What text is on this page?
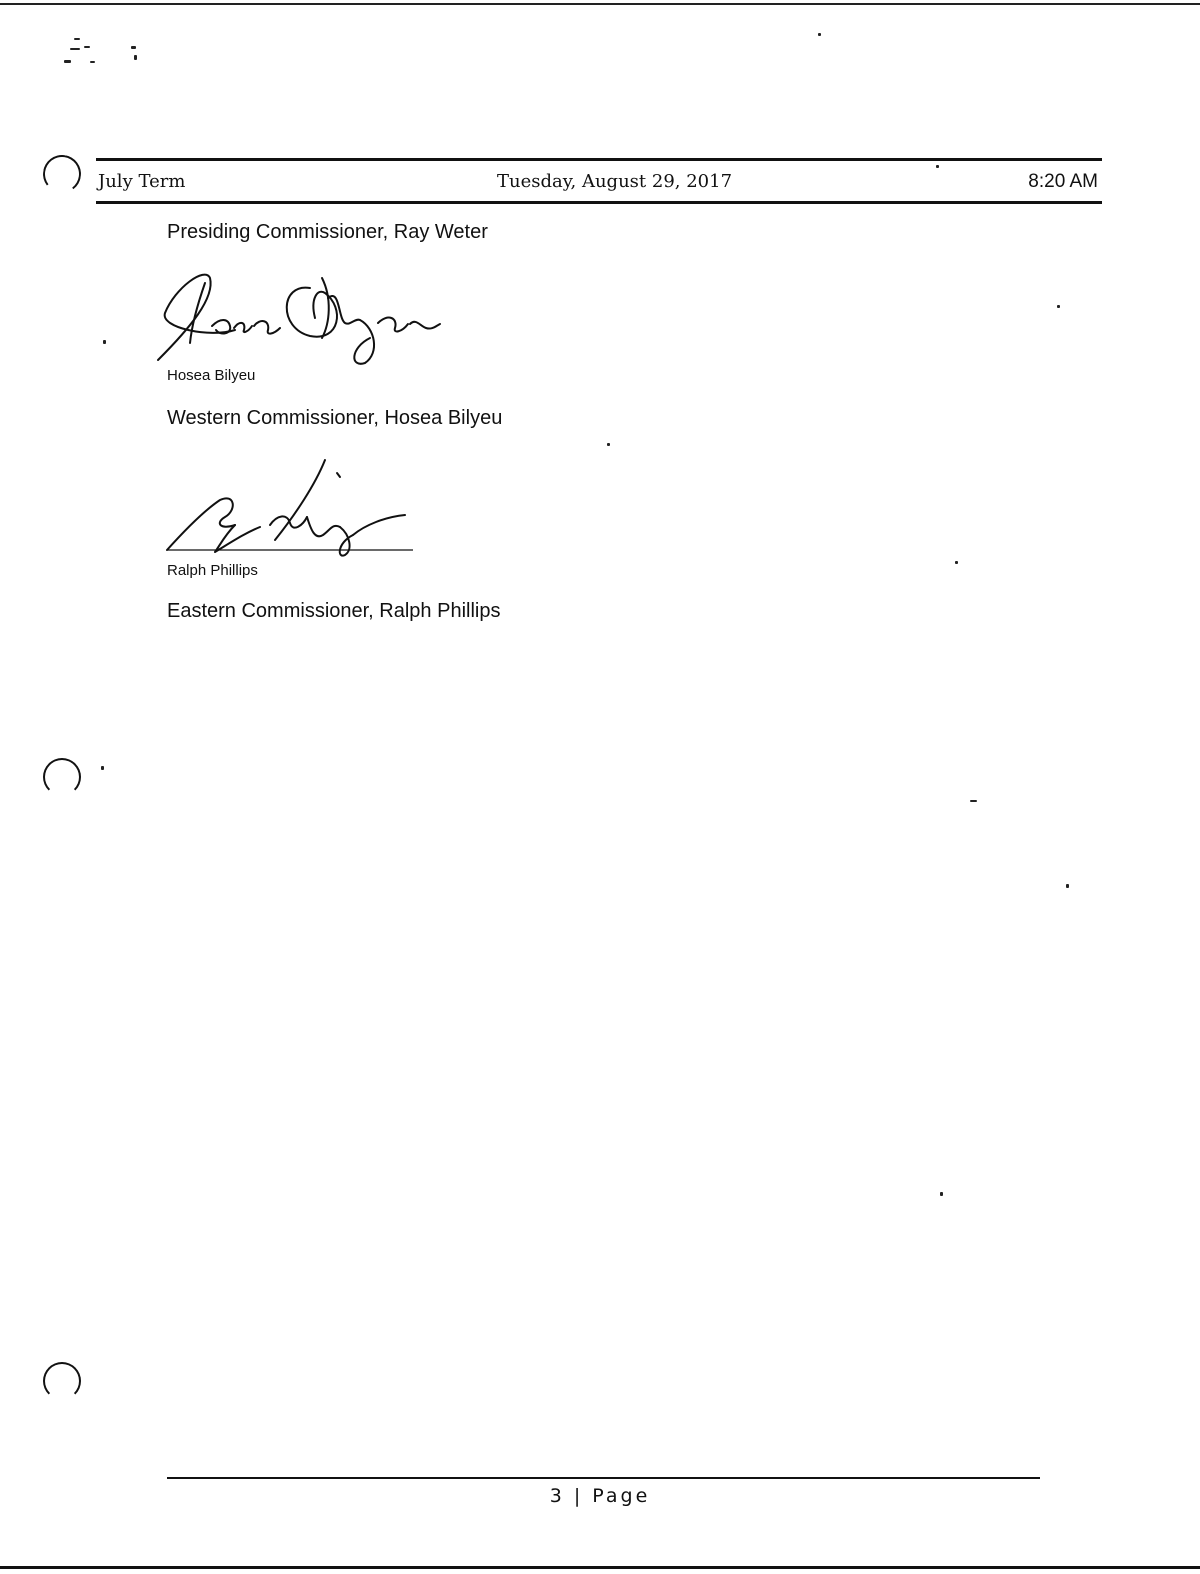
July Term	Tuesday, August 29, 2017	8:20 AM
Presiding Commissioner, Ray Weter
Hosea Bilyeu
Western Commissioner, Hosea Bilyeu
Ralph Phillips
Eastern Commissioner, Ralph Phillips
3 | Page
